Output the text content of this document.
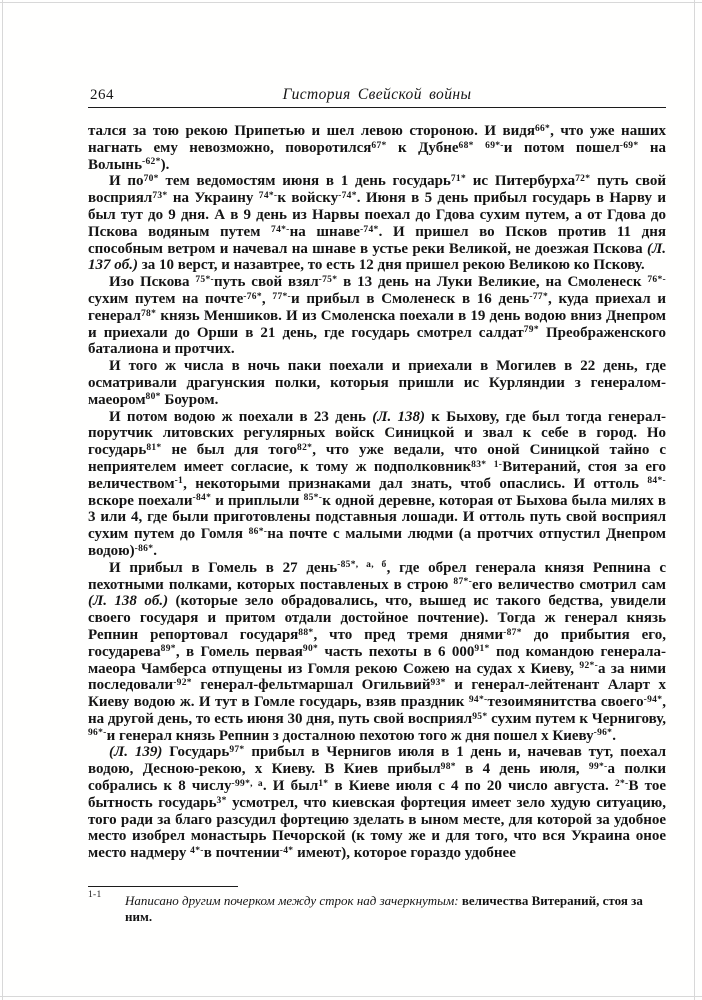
264	Гистория Свейской войны

тался за тою рекою Припетью и шел левою стороною. И видя$^{66*}$, что уже наших нагнать ему невозможно, поворотился$^{67*}$ к Дубне$^{68*}$ $^{69*-}$и потом пошел$^{-69*}$ на Волынь$^{-62*}$).

И $по^{70*}$ тем ведомостям июня в 1 день государь$^{71*}$ ис Питербурха$^{72*}$ путь свой восприял$^{73*}$ на Украину $^{74*-}$к войску$^{-74*}$. Июня в 5 день прибыл государь в Нарву и был тут до 9 дня. А в 9 день из Нарвы поехал до Гдова сухим путем, а от Гдова до Пскова водяным путем $^{74*-}$на шнаве$^{-74*}$. И пришел во Псков против 11 дня способным ветром и начевал на шнаве в устье реки Великой, не доезжая Пскова (Л. 137 об.) за 10 верст, и назавтрее, то есть 12 дня пришел рекою Великою ко Пскову.

Изо Пскова $^{75*-}$путь свой взял$^{-75*}$ в 13 день на Луки Великие, на Смоленеск $^{76*-}$сухим путем на почте$^{-76*}$, $^{77*-}$и прибыл в Смоленеск в 16 день$^{-77*}$, куда приехал и генерал$^{78*}$ князь Меншиков. И из Смоленска поехали в 19 день водою вниз Днепром и приехали до Орши в 21 день, где государь смотрел салдат$^{79*}$ Преображенского баталиона и протчих.

И того ж числа в ночь паки поехали и приехали в Могилев в 22 день, где осматривали драгунския полки, которыя пришли ис Курляндии з генералом-маеором$^{80*}$ Боуром.

И потом водою ж поехали в 23 день (Л. 138) к Быхову, где был тогда генерал-порутчик литовских регулярных войск Синицкой и звал к себе в город. Но государь$^{81*}$ не был для того$^{82*}$, что уже ведали, что оной Синицкой тайно с неприятелем имеет согласие, к тому ж подполковник$^{83*}$ $^{1-}$Витераний, стоя за его величеством$^{-1}$, некоторыми признаками дал знать, чтоб опаслись. И оттоль $^{84*-}$вскоре поехали$^{-84*}$ и приплыли $^{85*-}$к одной деревне, которая от Быхова была милях в 3 или 4, где были приготовлены подставныя лошади. И оттоль путь свой восприял сухим путем до Гомля $^{86*-}$на почте с малыми людми (а протчих отпустил Днепром водою)$^{-86*}$.

И прибыл в Гомель в 27 день$^{-85*, а, б}$, где обрел генерала князя Репнина с пехотными полками, которых поставленых в строю $^{87*-}$его величество смотрил сам (Л. 138 об.) (которые зело обрадовались, что, вышед ис такого бедства, увидели своего государя и притом отдали достойное почтение). Тогда ж генерал князь Репнин репортовал государя$^{88*}$, что пред тремя днями$^{-87*}$ до прибытия его, государева$^{89*}$, в Гомель первая$^{90*}$ часть пехоты в 6 $000^{91*}$ под командою генерала-маеора Чамберса отпущены из Гомля рекою Сожею на судах х Киеву, $^{92*-}$а за ними последовали$^{-92*}$ генерал-фельтмаршал Огильвий$^{93*}$ и генерал-лейтенант Аларт х Киеву водою ж. И тут в Гомле государь, взяв праздник $^{94*-}$тезоимянитства своего$^{-94*}$, на другой день, то есть июня 30 дня, путь свой восприял$^{95*}$ сухим путем к Чернигову, $^{96*-}$и генерал князь Репнин з досталною пехотою того ж дня пошел х Киеву$^{-96*}$.

(Л. 139) Государь$^{97*}$ прибыл в Чернигов июля в 1 день и, начевав тут, поехал водою, Десною-рекою, х Киеву. В Киев прибыл$^{98*}$ в 4 день июля, $^{99*-}$а полки собрались к 8 числу$^{-99*, а}$. И был$^{1*}$ в Киеве июля с 4 по 20 число августа. $^{2*-}$В тое бытность государь$^{3*}$ усмотрел, что киевская фортеция имеет зело худую ситуацию, того ради за благо разсудил фортецию зделать в ыном месте, для которой за удобное место изобрел монастырь Печорской (к тому же и для того, что вся Украина оное место надмеру $^{4*-}$в почтении$^{-4*}$ имеют), которое гораздо удобнее

1-1	Написано другим почерком между строк над зачеркнутым: величества Витераний, стоя за ним.
